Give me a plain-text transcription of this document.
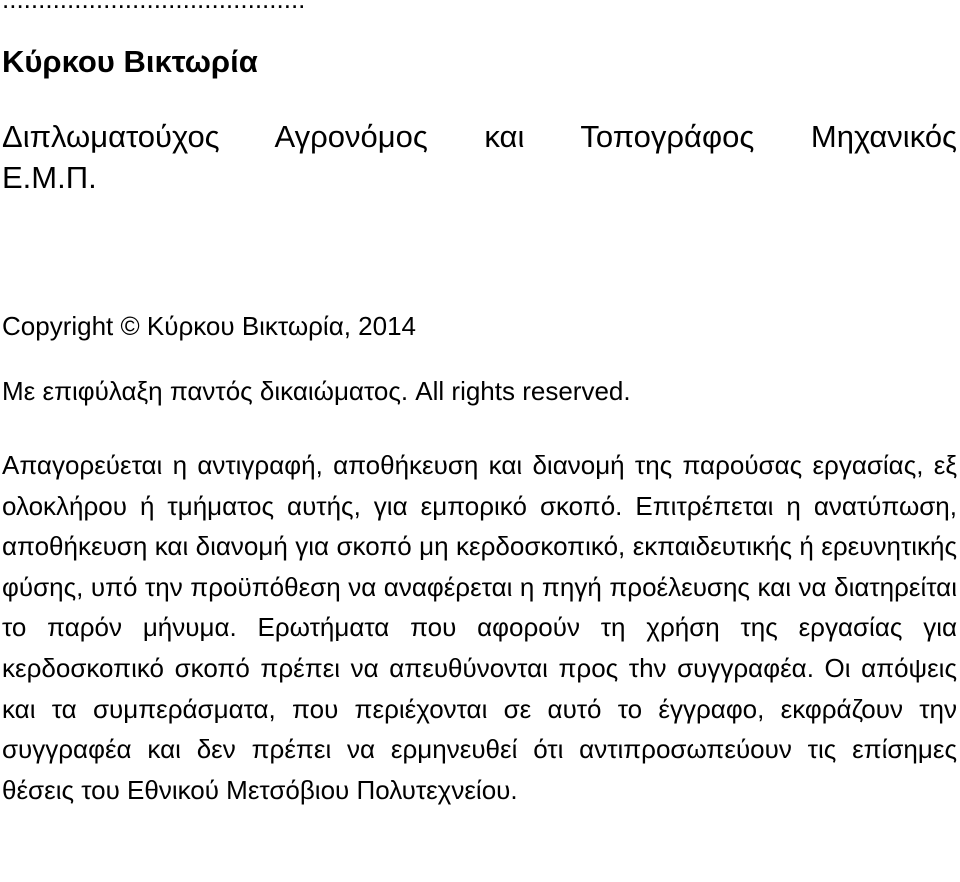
Κύρκου Βικτωρία
Διπλωματούχος Αγρονόμος και Τοπογράφος Μηχανικός
Ε.Μ.Π.
Copyright © Κύρκου Βικτωρία, 2014
Με επιφύλαξη παντός δικαιώματος. All rights reserved.
Απαγορεύεται η αντιγραφή, αποθήκευση και διανομή της παρούσας εργασίας, εξ ολοκλήρου ή τμήματος αυτής, για εμπορικό σκοπό. Επιτρέπεται η ανατύπωση, αποθήκευση και διανομή για σκοπό μη κερδοσκοπικό, εκπαιδευτικής ή ερευνητικής φύσης, υπό την προϋπόθεση να αναφέρεται η πηγή προέλευσης και να διατηρείται το παρόν μήνυμα. Ερωτήματα που αφορούν τη χρήση της εργασίας για κερδοσκοπικό σκοπό πρέπει να απευθύνονται προς τhν συγγραφέα. Οι απόψεις και τα συμπεράσματα, που περιέχονται σε αυτό το έγγραφο, εκφράζουν την συγγραφέα και δεν πρέπει να ερμηνευθεί ότι αντιπροσωπεύουν τις επίσημες θέσεις του Εθνικού Μετσόβιου Πολυτεχνείου.
